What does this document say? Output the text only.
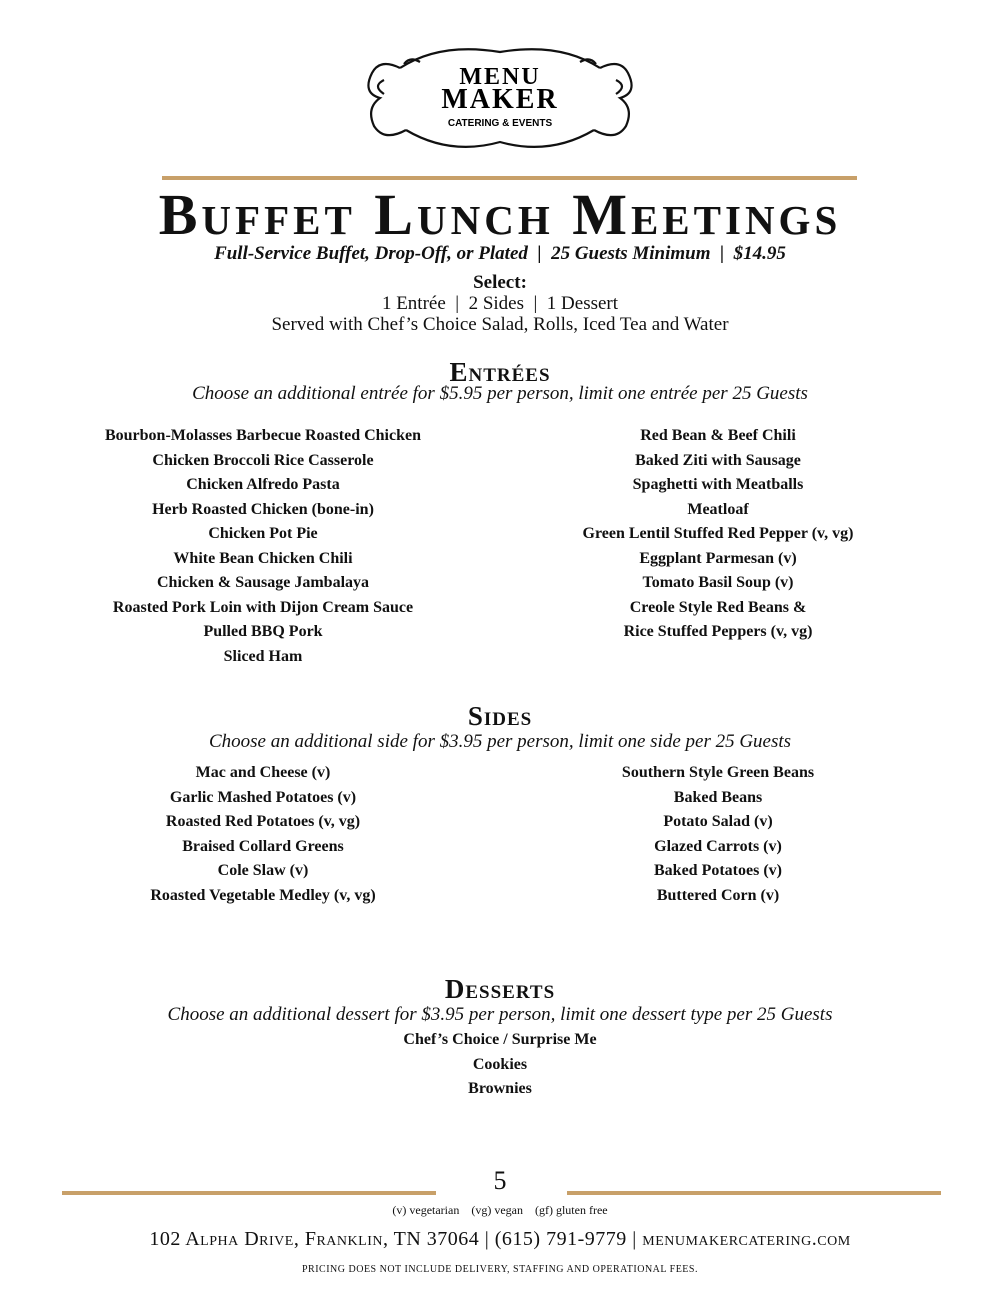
MENU
MAKER
CATERING & EVENTS
Buffet Lunch Meetings
Full-Service Buffet, Drop-Off, or Plated  |  25 Guests Minimum  |  $14.95
Select:
1 Entrée  |  2 Sides  |  1 Dessert
Served with Chef’s Choice Salad, Rolls, Iced Tea and Water
Entrées
Choose an additional entrée for $5.95 per person, limit one entrée per 25 Guests
Bourbon-Molasses Barbecue Roasted Chicken
Chicken Broccoli Rice Casserole
Chicken Alfredo Pasta
Herb Roasted Chicken (bone-in)
Chicken Pot Pie
White Bean Chicken Chili
Chicken & Sausage Jambalaya
Roasted Pork Loin with Dijon Cream Sauce
Pulled BBQ Pork
Sliced Ham
Red Bean & Beef Chili
Baked Ziti with Sausage
Spaghetti with Meatballs
Meatloaf
Green Lentil Stuffed Red Pepper (v, vg)
Eggplant Parmesan (v)
Tomato Basil Soup (v)
Creole Style Red Beans &
Rice Stuffed Peppers (v, vg)
Sides
Choose an additional side for $3.95 per person, limit one side per 25 Guests
Mac and Cheese (v)
Garlic Mashed Potatoes (v)
Roasted Red Potatoes (v, vg)
Braised Collard Greens
Cole Slaw (v)
Roasted Vegetable Medley (v, vg)
Southern Style Green Beans
Baked Beans
Potato Salad (v)
Glazed Carrots (v)
Baked Potatoes (v)
Buttered Corn (v)
Desserts
Choose an additional dessert for $3.95 per person, limit one dessert type per 25 Guests
Chef’s Choice / Surprise Me
Cookies
Brownies
5
(v) vegetarian    (vg) vegan    (gf) gluten free
102 Alpha Drive, Franklin, TN 37064 | (615) 791-9779 | menumakercatering.com
PRICING DOES NOT INCLUDE DELIVERY, STAFFING AND OPERATIONAL FEES.
